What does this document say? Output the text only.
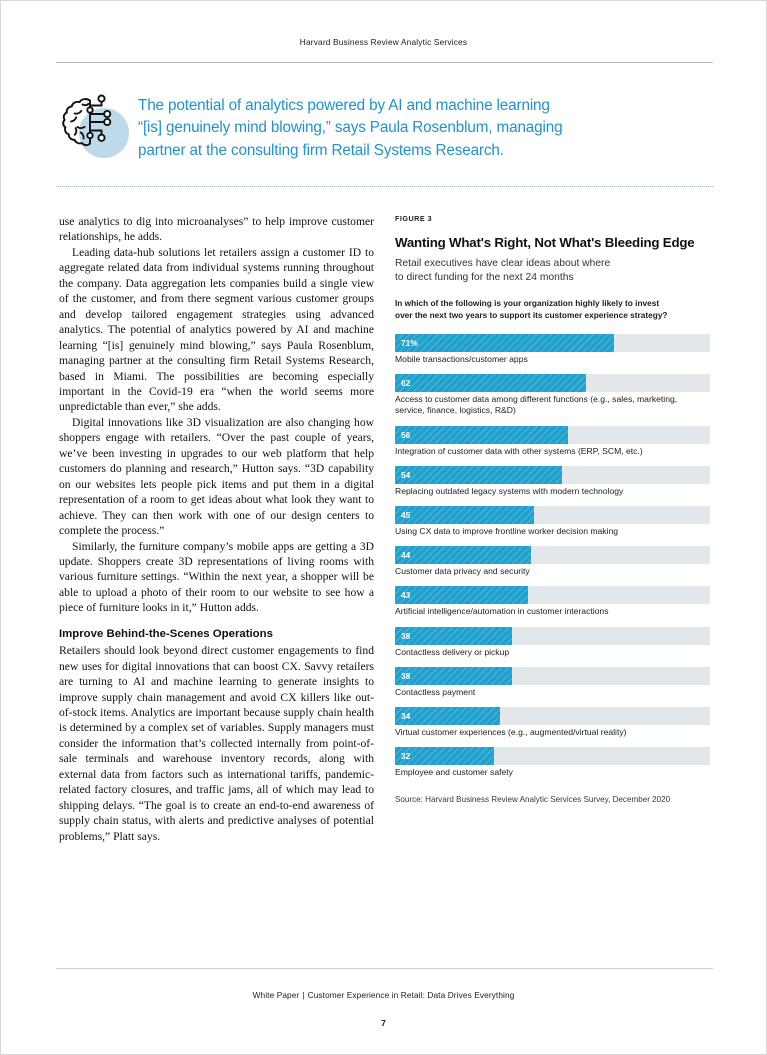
Harvard Business Review Analytic Services
The potential of analytics powered by AI and machine learning
“[is] genuinely mind blowing,” says Paula Rosenblum, managing
partner at the consulting firm Retail Systems Research.

use analytics to dig into microanalyses” to help improve customer relationships, he adds.

Leading data-hub solutions let retailers assign a customer ID to aggregate related data from individual systems running throughout the company. Data aggregation lets companies build a single view of the customer, and from there segment various customer groups and develop tailored engagement strategies using advanced analytics. The potential of analytics powered by AI and machine learning “[is] genuinely mind blowing,” says Paula Rosenblum, managing partner at the consulting firm Retail Systems Research, based in Miami. The possibilities are becoming especially important in the Covid-19 era “when the world seems more unpredictable than ever,” she adds.

Digital innovations like 3D visualization are also changing how shoppers engage with retailers. “Over the past couple of years, we’ve been investing in upgrades to our web platform that help customers do planning and research,” Hutton says. “3D capability on our websites lets people pick items and put them in a digital representation of a room to get ideas about what look they want to achieve. They can then work with one of our design centers to complete the process.”

Similarly, the furniture company’s mobile apps are getting a 3D update. Shoppers create 3D representations of living rooms with various furniture settings. “Within the next year, a shopper will be able to upload a photo of their room to our website to see how a piece of furniture looks in it,” Hutton adds.

Improve Behind-the-Scenes Operations

Retailers should look beyond direct customer engagements to find new uses for digital innovations that can boost CX. Savvy retailers are turning to AI and machine learning to generate insights to improve supply chain management and avoid CX killers like out-of-stock items. Analytics are important because supply chain health is determined by a complex set of variables. Supply managers must consider the information that’s collected internally from point-of-sale terminals and warehouse inventory records, along with external data from factors such as international tariffs, pandemic-related factory closures, and traffic jams, all of which may lead to shipping delays. “The goal is to create an end-to-end awareness of supply chain status, with alerts and predictive analyses of potential problems,” Platt says.

FIGURE 3
Wanting What's Right, Not What's Bleeding Edge
Retail executives have clear ideas about where
to direct funding for the next 24 months
In which of the following is your organization highly likely to invest
over the next two years to support its customer experience strategy?
71%
Mobile transactions/customer apps
62
Access to customer data among different functions (e.g., sales, marketing,
service, finance, logistics, R&D)
56
Integration of customer data with other systems (ERP, SCM, etc.)
54
Replacing outdated legacy systems with modern technology
45
Using CX data to improve frontline worker decision making
44
Customer data privacy and security
43
Artificial intelligence/automation in customer interactions
38
Contactless delivery or pickup
38
Contactless payment
34
Virtual customer experiences (e.g., augmented/virtual reality)
32
Employee and customer safety
Source: Harvard Business Review Analytic Services Survey, December 2020
White Paper | Customer Experience in Retail: Data Drives Everything
7
